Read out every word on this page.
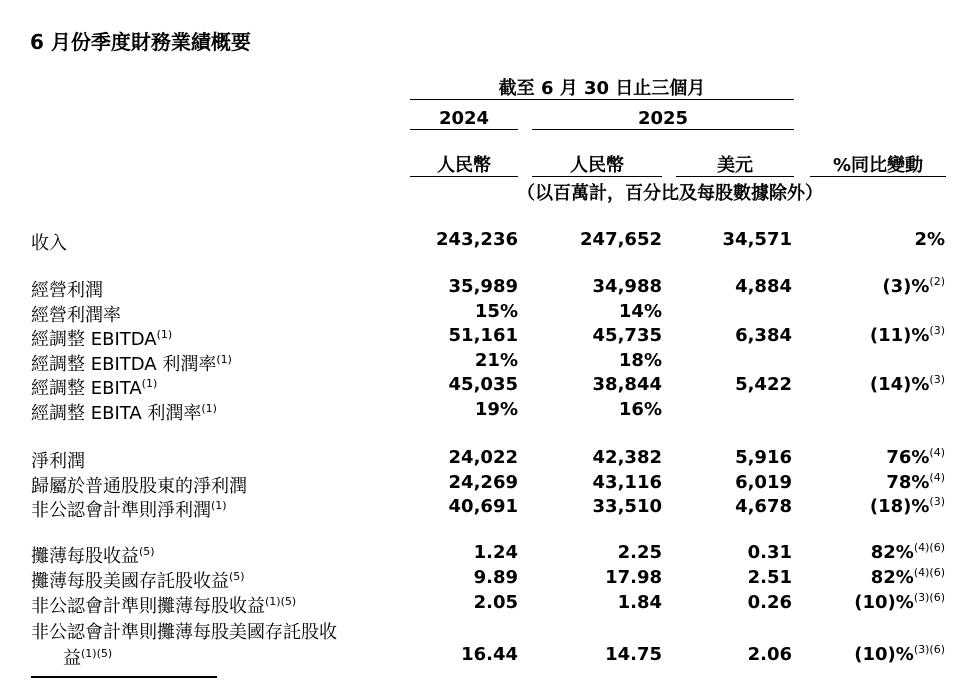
6 月份季度財務業績概要
截至 6 月 30 日止三個月
2024	2025
人民幣	人民幣	美元	%同比變動
（以百萬計，百分比及每股數據除外）
收入	243,236	247,652	34,571	2%
經營利潤	35,989	34,988	4,884	(3)%$^{(2)}$
經營利潤率	15%	14%
經調整 EBITDA$^{(1)}$	51,161	45,735	6,384	(11)%$^{(3)}$
經調整 EBITDA 利潤率$^{(1)}$	21%	18%
經調整 EBITA$^{(1)}$	45,035	38,844	5,422	(14)%$^{(3)}$
經調整 EBITA 利潤率$^{(1)}$	19%	16%
淨利潤	24,022	42,382	5,916	76%$^{(4)}$
歸屬於普通股股東的淨利潤	24,269	43,116	6,019	78%$^{(4)}$
非公認會計準則淨利潤$^{(1)}$	40,691	33,510	4,678	(18)%$^{(3)}$
攤薄每股收益$^{(5)}$	1.24	2.25	0.31	82%$^{(4)(6)}$
攤薄每股美國存託股收益$^{(5)}$	9.89	17.98	2.51	82%$^{(4)(6)}$
非公認會計準則攤薄每股收益$^{(1)(5)}$	2.05	1.84	0.26	(10)%$^{(3)(6)}$
非公認會計準則攤薄每股美國存託股收
益$^{(1)(5)}$	16.44	14.75	2.06	(10)%$^{(3)(6)}$
